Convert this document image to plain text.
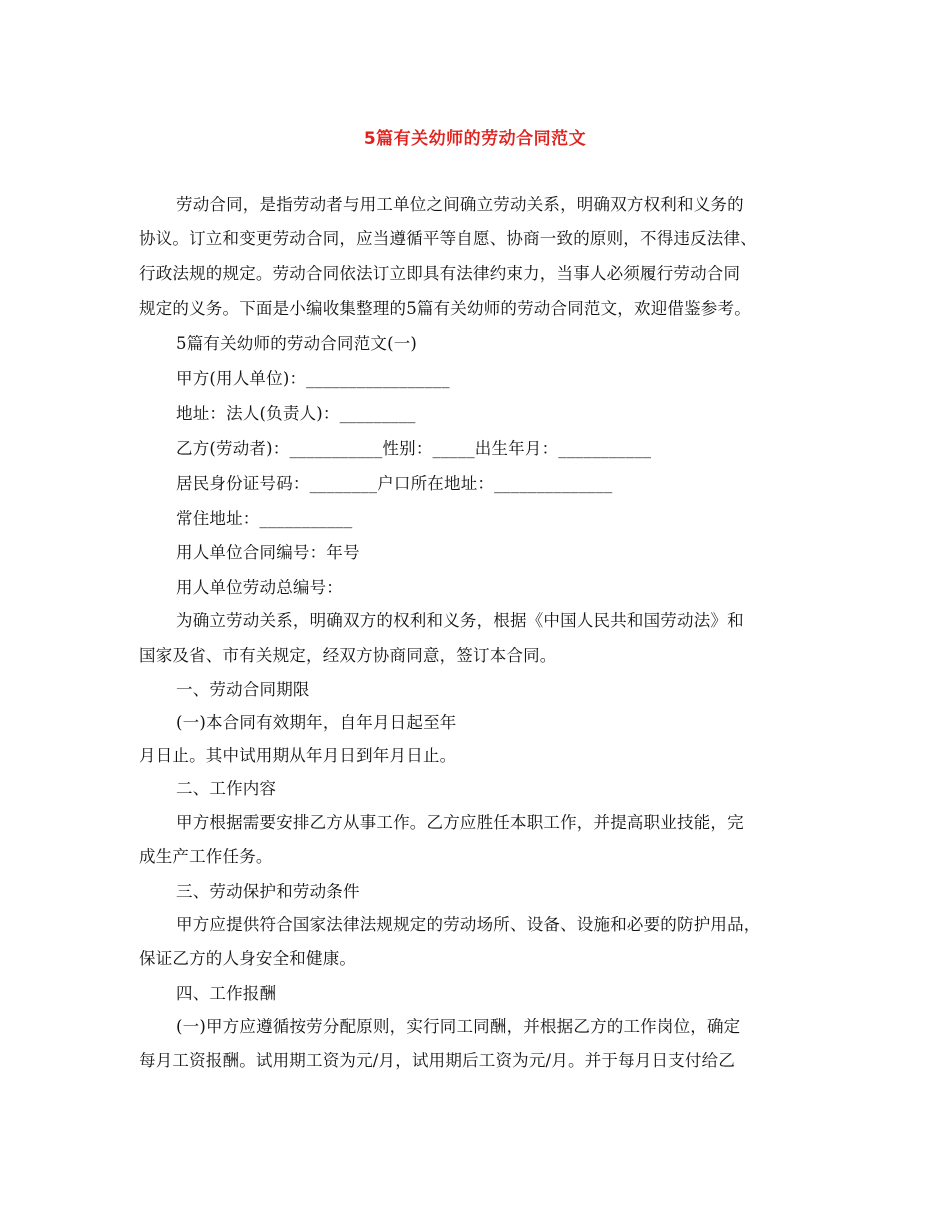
5篇有关幼师的劳动合同范文
劳动合同，是指劳动者与用工单位之间确立劳动关系，明确双方权利和义务的
协议。订立和变更劳动合同，应当遵循平等自愿、协商一致的原则，不得违反法律、
行政法规的规定。劳动合同依法订立即具有法律约束力，当事人必须履行劳动合同
规定的义务。下面是小编收集整理的5篇有关幼师的劳动合同范文，欢迎借鉴参考。
5篇有关幼师的劳动合同范文(一)
甲方(用人单位)：_________________
地址：法人(负责人)：_________
乙方(劳动者)：___________性别：_____出生年月：___________
居民身份证号码：________户口所在地址：______________
常住地址：___________
用人单位合同编号：年号
用人单位劳动总编号：
为确立劳动关系，明确双方的权利和义务，根据《中国人民共和国劳动法》和
国家及省、市有关规定，经双方协商同意，签订本合同。
一、劳动合同期限
(一)本合同有效期年，自年月日起至年
月日止。其中试用期从年月日到年月日止。
二、工作内容
甲方根据需要安排乙方从事工作。乙方应胜任本职工作，并提高职业技能，完
成生产工作任务。
三、劳动保护和劳动条件
甲方应提供符合国家法律法规规定的劳动场所、设备、设施和必要的防护用品，
保证乙方的人身安全和健康。
四、工作报酬
(一)甲方应遵循按劳分配原则，实行同工同酬，并根据乙方的工作岗位，确定
每月工资报酬。试用期工资为元/月，试用期后工资为元/月。并于每月日支付给乙
